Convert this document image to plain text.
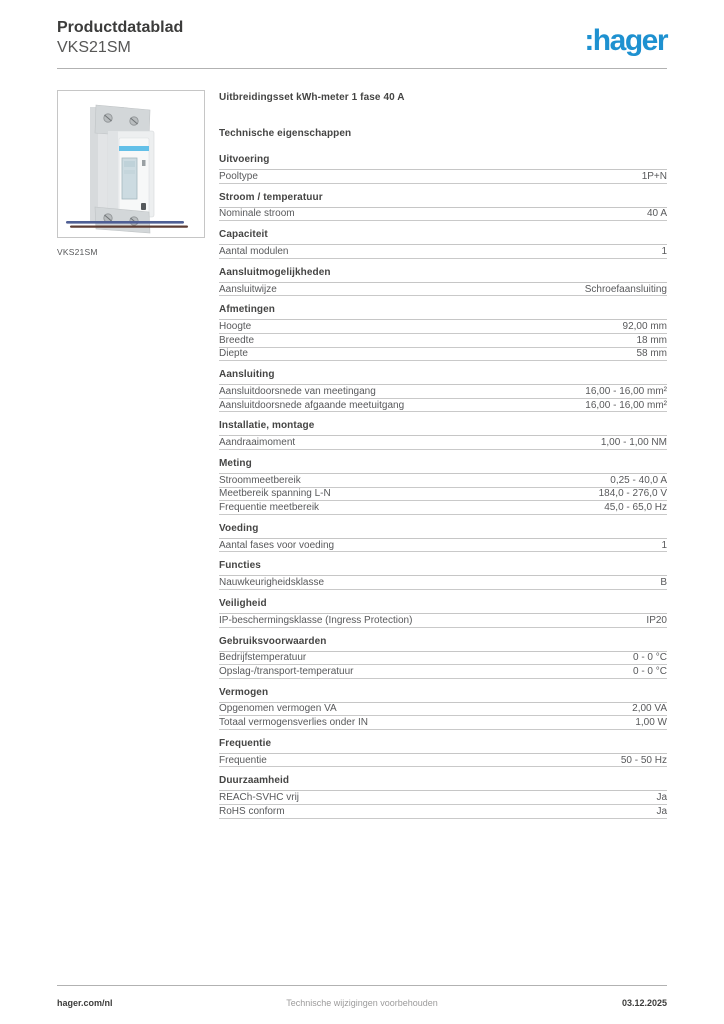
Productdatablad
VKS21SM	:hager
VKS21SM
Uitbreidingsset kWh-meter 1 fase 40 A
Technische eigenschappen
Uitvoering
Pooltype	1P+N
Stroom / temperatuur
Nominale stroom	40 A
Capaciteit
Aantal modulen	1
Aansluitmogelijkheden
Aansluitwijze	Schroefaansluiting
Afmetingen
Hoogte	92,00 mm
Breedte	18 mm
Diepte	58 mm
Aansluiting
Aansluitdoorsnede van meetingang	16,00 - 16,00 mm²
Aansluitdoorsnede afgaande meetuitgang	16,00 - 16,00 mm²
Installatie, montage
Aandraaimoment	1,00 - 1,00 NM
Meting
Stroommeetbereik	0,25 - 40,0 A
Meetbereik spanning L-N	184,0 - 276,0 V
Frequentie meetbereik	45,0 - 65,0 Hz
Voeding
Aantal fases voor voeding	1
Functies
Nauwkeurigheidsklasse	B
Veiligheid
IP-beschermingsklasse (Ingress Protection)	IP20
Gebruiksvoorwaarden
Bedrijfstemperatuur	0 - 0 °C
Opslag-/transport-temperatuur	0 - 0 °C
Vermogen
Opgenomen vermogen VA	2,00 VA
Totaal vermogensverlies onder IN	1,00 W
Frequentie
Frequentie	50 - 50 Hz
Duurzaamheid
REACh-SVHC vrij	Ja
RoHS conform	Ja
hager.com/nl	Technische wijzigingen voorbehouden	03.12.2025
